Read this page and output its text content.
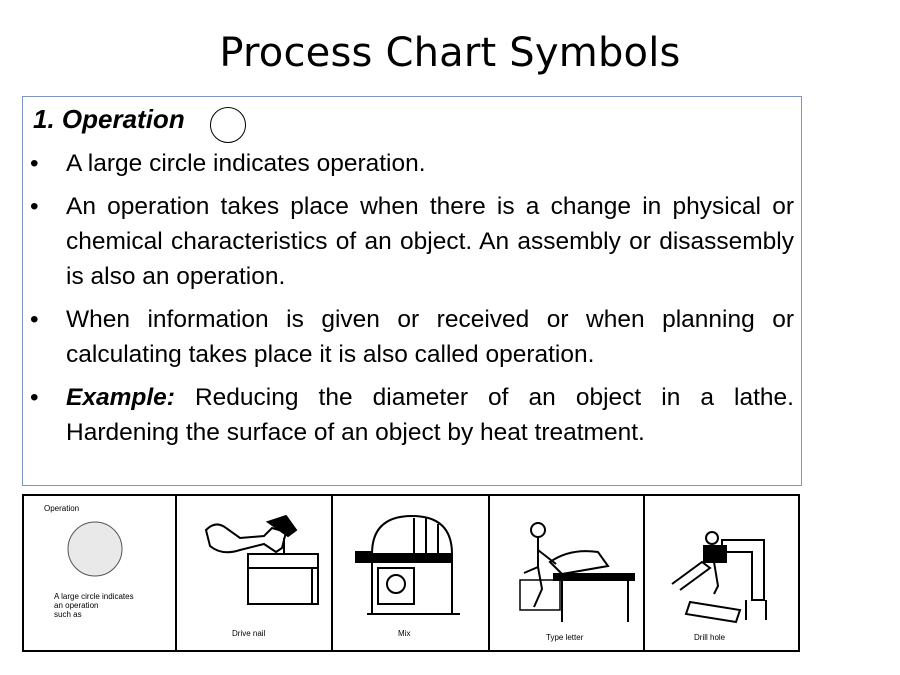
Process Chart Symbols
1. Operation
• A large circle indicates operation.
• An operation takes place when there is a change in physical or chemical characteristics of an object. An assembly or disassembly is also an operation.
• When information is given or received or when planning or calculating takes place it is also called operation.
• Example: Reducing the diameter of an object in a lathe. Hardening the surface of an object by heat treatment.
Operation
A large circle indicates
an operation
such as
Drive nail	Mix	Type letter	Drill hole
